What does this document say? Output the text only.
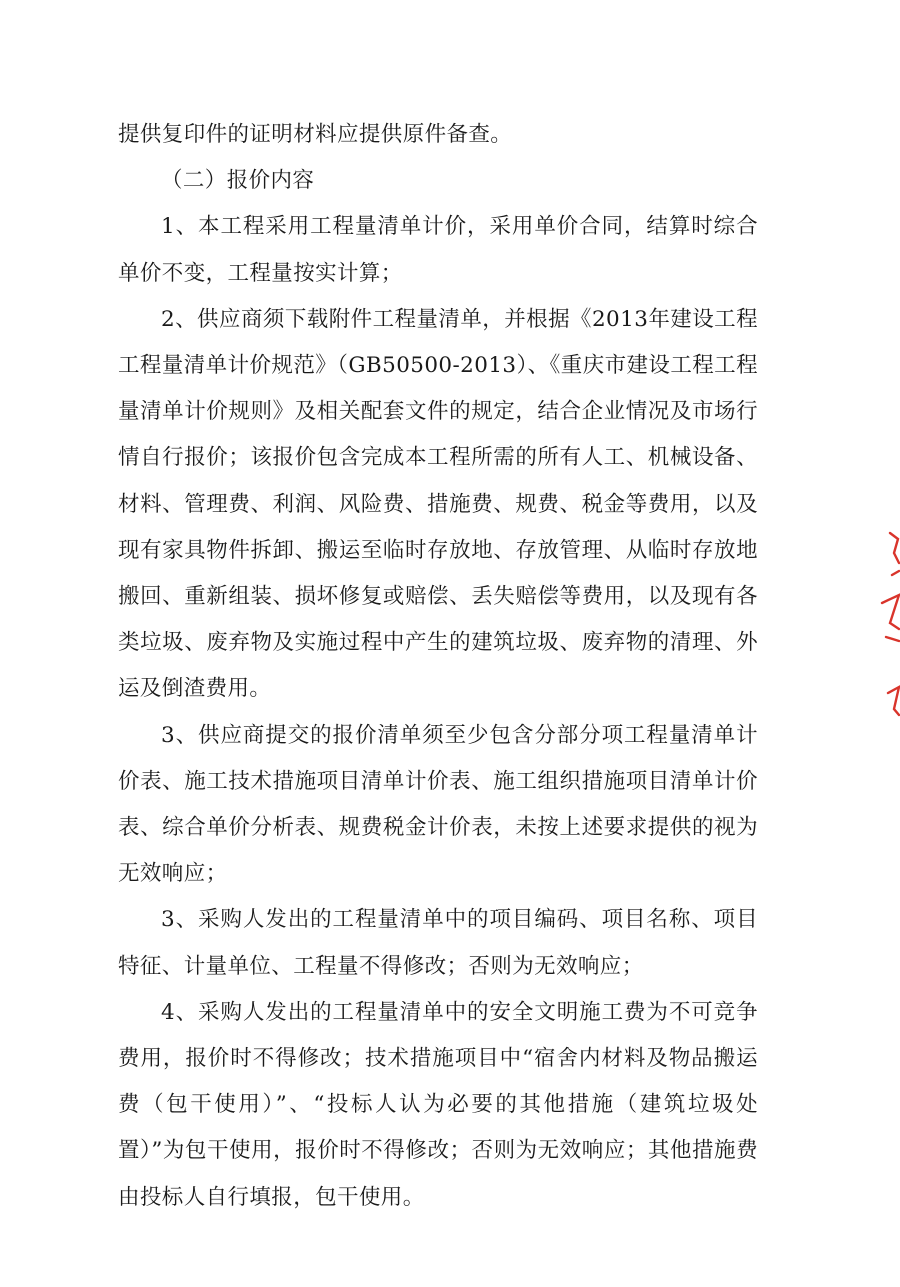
提供复印件的证明材料应提供原件备查。

（二）报价内容

1、本工程采用工程量清单计价，采用单价合同，结算时综合单价不变，工程量按实计算；

2、供应商须下载附件工程量清单，并根据《2013年建设工程工程量清单计价规范》（GB50500-2013）、《重庆市建设工程工程量清单计价规则》及相关配套文件的规定，结合企业情况及市场行情自行报价；该报价包含完成本工程所需的所有人工、机械设备、材料、管理费、利润、风险费、措施费、规费、税金等费用，以及现有家具物件拆卸、搬运至临时存放地、存放管理、从临时存放地搬回、重新组装、损坏修复或赔偿、丢失赔偿等费用，以及现有各类垃圾、废弃物及实施过程中产生的建筑垃圾、废弃物的清理、外运及倒渣费用。

3、供应商提交的报价清单须至少包含分部分项工程量清单计价表、施工技术措施项目清单计价表、施工组织措施项目清单计价表、综合单价分析表、规费税金计价表，未按上述要求提供的视为无效响应；

3、采购人发出的工程量清单中的项目编码、项目名称、项目特征、计量单位、工程量不得修改；否则为无效响应；

4、采购人发出的工程量清单中的安全文明施工费为不可竞争费用，报价时不得修改；技术措施项目中“宿舍内材料及物品搬运费（包干使用）”、“投标人认为必要的其他措施（建筑垃圾处置）”为包干使用，报价时不得修改；否则为无效响应；其他措施费由投标人自行填报，包干使用。
